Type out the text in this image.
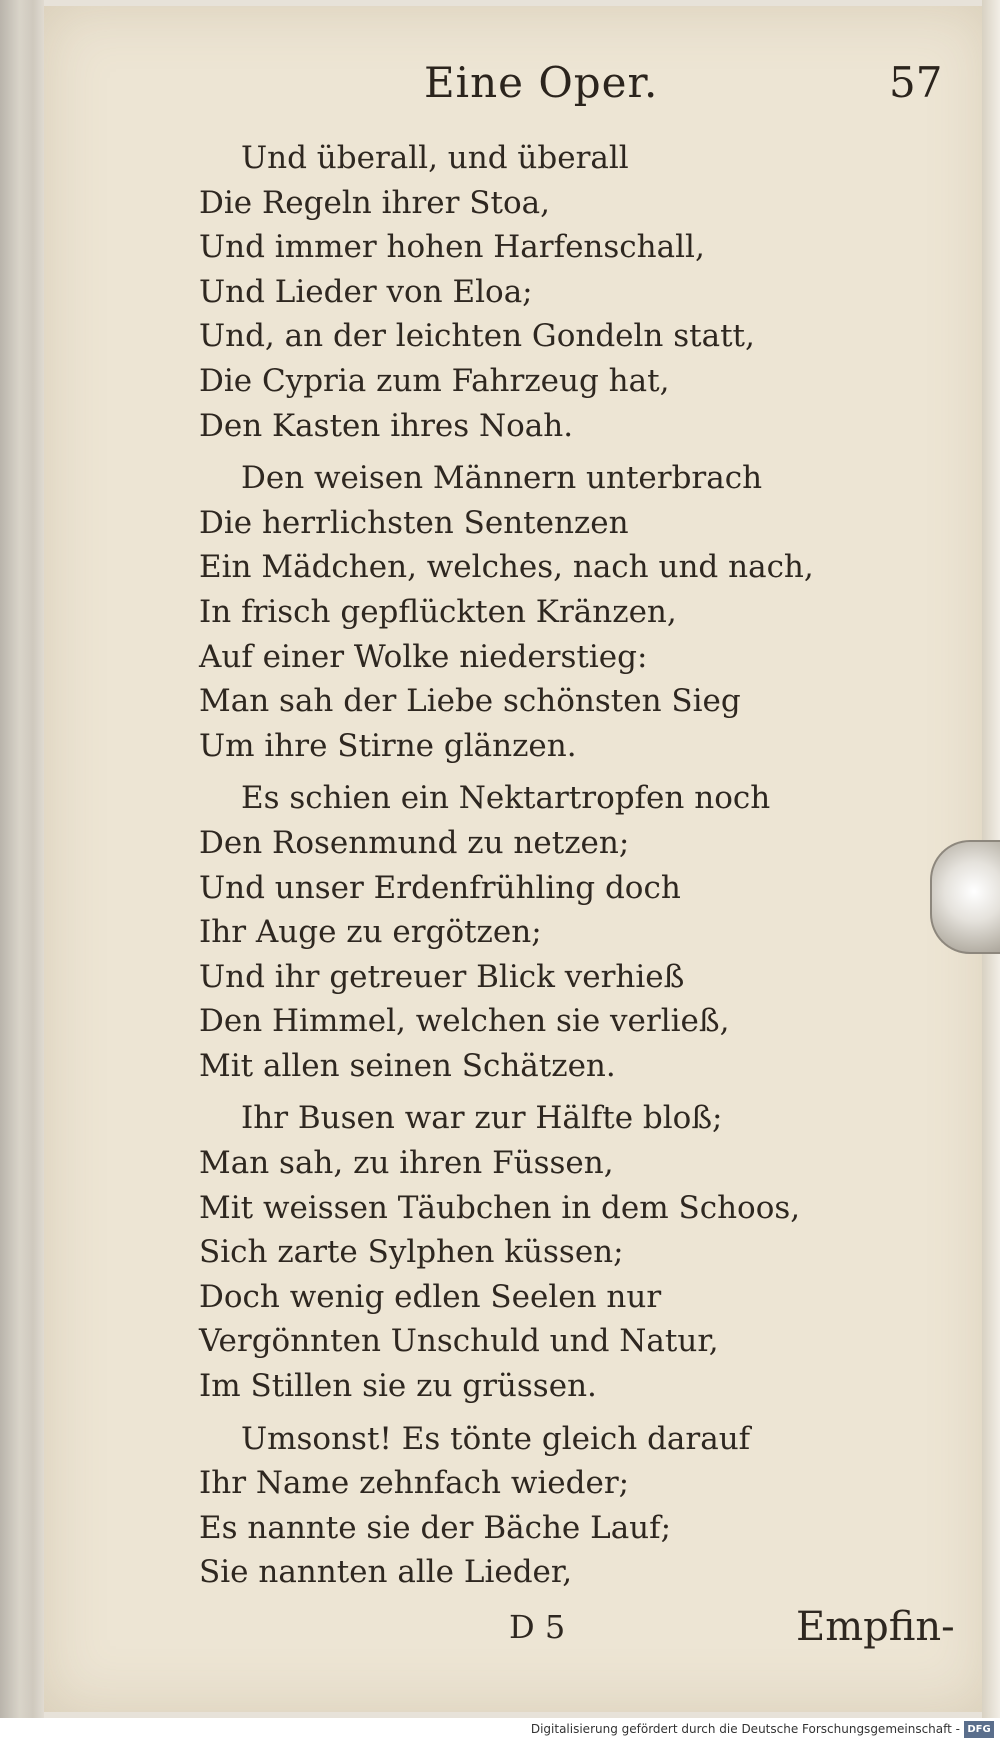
Eine Oper.	57
Und überall, und überall
Die Regeln ihrer Stoa,
Und immer hohen Harfenschall,
Und Lieder von Eloa;
Und, an der leichten Gondeln statt,
Die Cypria zum Fahrzeug hat,
Den Kasten ihres Noah.
Den weisen Männern unterbrach
Die herrlichsten Sentenzen
Ein Mädchen, welches, nach und nach,
In frisch gepflückten Kränzen,
Auf einer Wolke niederstieg:
Man sah der Liebe schönsten Sieg
Um ihre Stirne glänzen.
Es schien ein Nektartropfen noch
Den Rosenmund zu netzen;
Und unser Erdenfrühling doch
Ihr Auge zu ergötzen;
Und ihr getreuer Blick verhieß
Den Himmel, welchen sie verließ,
Mit allen seinen Schätzen.
Ihr Busen war zur Hälfte bloß;
Man sah, zu ihren Füssen,
Mit weissen Täubchen in dem Schoos,
Sich zarte Sylphen küssen;
Doch wenig edlen Seelen nur
Vergönnten Unschuld und Natur,
Im Stillen sie zu grüssen.
Umsonst! Es tönte gleich darauf
Ihr Name zehnfach wieder;
Es nannte sie der Bäche Lauf;
Sie nannten alle Lieder,
D 5	Empfin-
Digitalisierung gefördert durch die Deutsche Forschungsgemeinschaft - DFG
